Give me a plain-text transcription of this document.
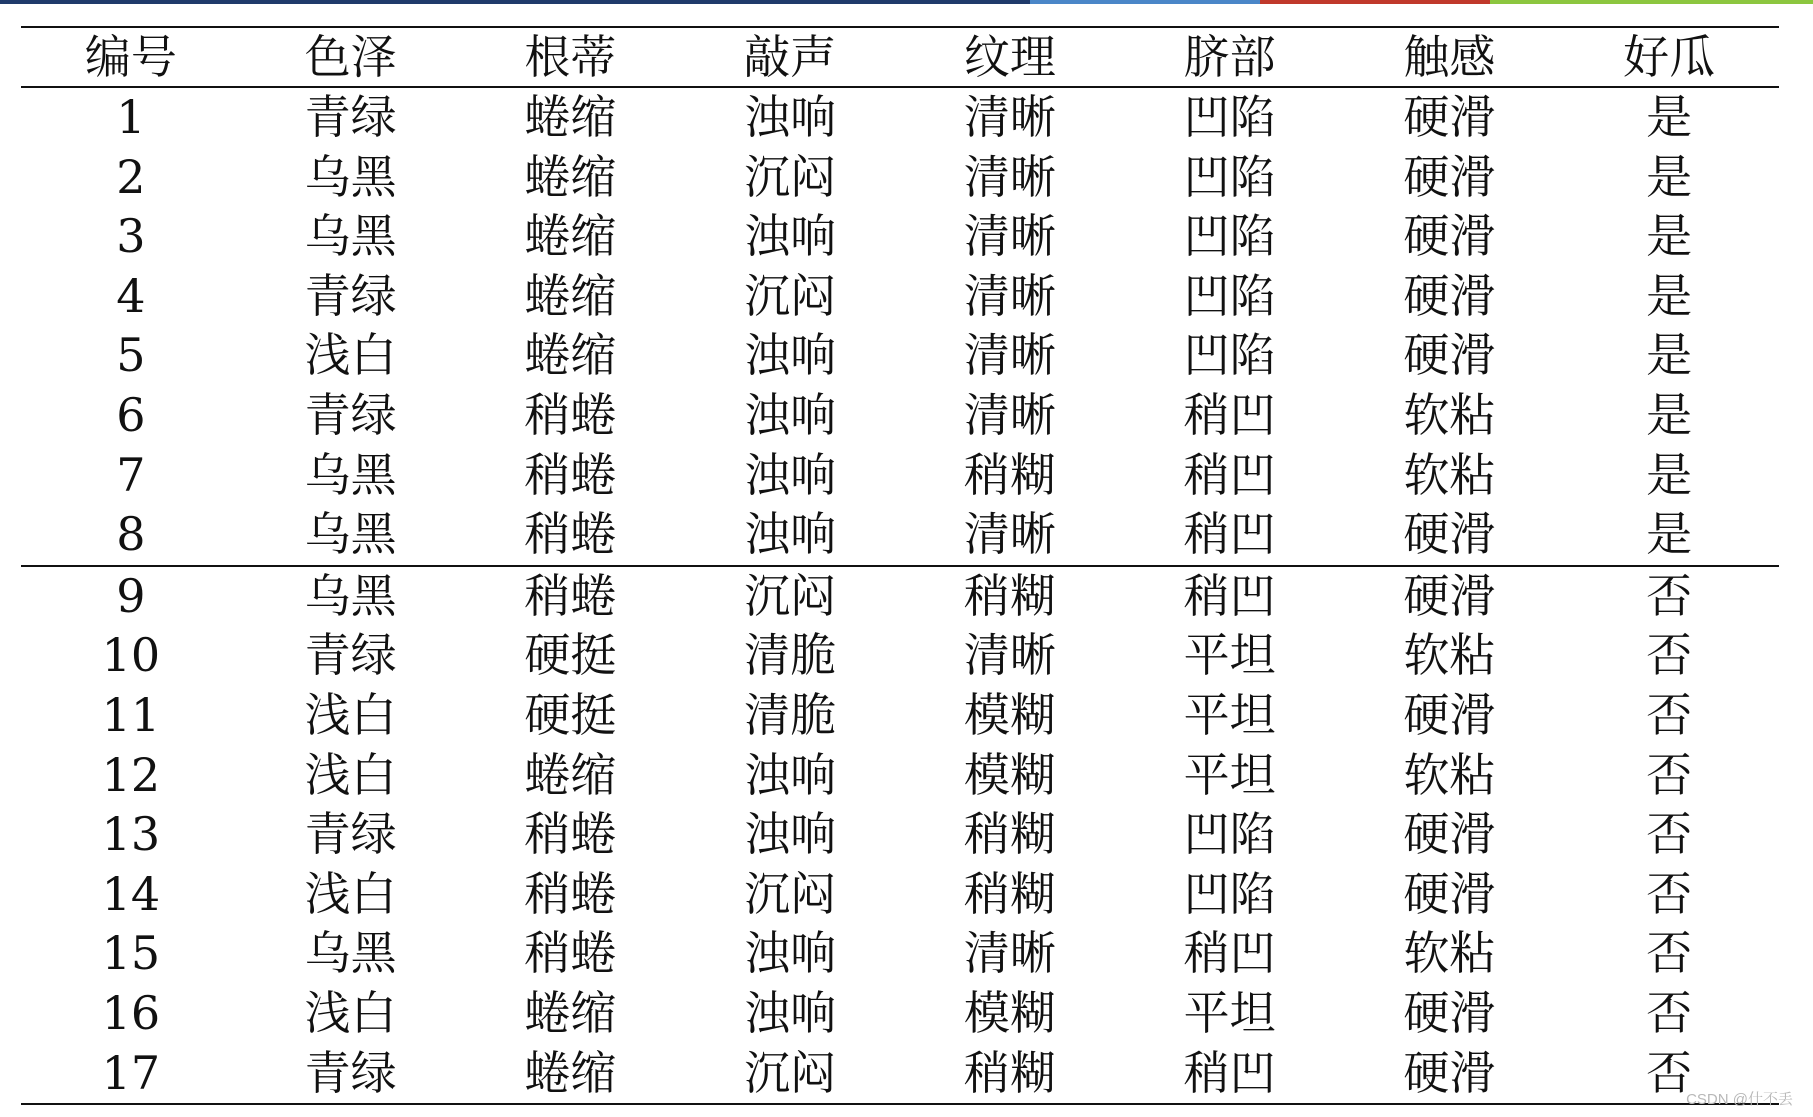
编号	色泽	根蒂	敲声	纹理	脐部	触感	好瓜
1	青绿	蜷缩	浊响	清晰	凹陷	硬滑	是
2	乌黑	蜷缩	沉闷	清晰	凹陷	硬滑	是
3	乌黑	蜷缩	浊响	清晰	凹陷	硬滑	是
4	青绿	蜷缩	沉闷	清晰	凹陷	硬滑	是
5	浅白	蜷缩	浊响	清晰	凹陷	硬滑	是
6	青绿	稍蜷	浊响	清晰	稍凹	软粘	是
7	乌黑	稍蜷	浊响	稍糊	稍凹	软粘	是
8	乌黑	稍蜷	浊响	清晰	稍凹	硬滑	是
9	乌黑	稍蜷	沉闷	稍糊	稍凹	硬滑	否
10	青绿	硬挺	清脆	清晰	平坦	软粘	否
11	浅白	硬挺	清脆	模糊	平坦	硬滑	否
12	浅白	蜷缩	浊响	模糊	平坦	软粘	否
13	青绿	稍蜷	浊响	稍糊	凹陷	硬滑	否
14	浅白	稍蜷	沉闷	稍糊	凹陷	硬滑	否
15	乌黑	稍蜷	浊响	清晰	稍凹	软粘	否
16	浅白	蜷缩	浊响	模糊	平坦	硬滑	否
17	青绿	蜷缩	沉闷	稍糊	稍凹	硬滑	否
CSDN @什不丢
